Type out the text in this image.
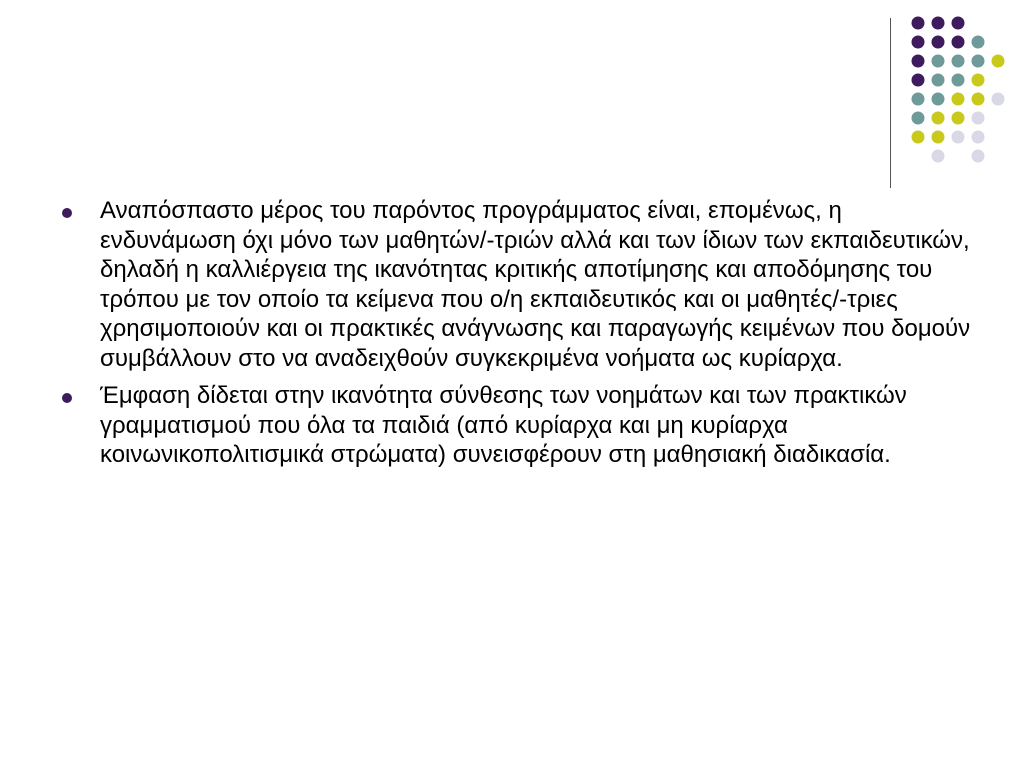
Αναπόσπαστο μέρος του παρόντος προγράμματος είναι, επομένως, η ενδυνάμωση όχι μόνο των μαθητών/-τριών αλλά και των ίδιων των εκπαιδευτικών, δηλαδή η καλλιέργεια της ικανότητας κριτικής αποτίμησης και αποδόμησης του τρόπου με τον οποίο τα κείμενα που ο/η εκπαιδευτικός και οι μαθητές/-τριες χρησιμοποιούν και οι πρακτικές ανάγνωσης και παραγωγής κειμένων που δομούν συμβάλλουν στο να αναδειχθούν συγκεκριμένα νοήματα ως κυρίαρχα.
Έμφαση δίδεται στην ικανότητα σύνθεσης των νοημάτων και των πρακτικών γραμματισμού που όλα τα παιδιά (από κυρίαρχα και μη κυρίαρχα κοινωνικοπολιτισμικά στρώματα) συνεισφέρουν στη μαθησιακή διαδικασία.
